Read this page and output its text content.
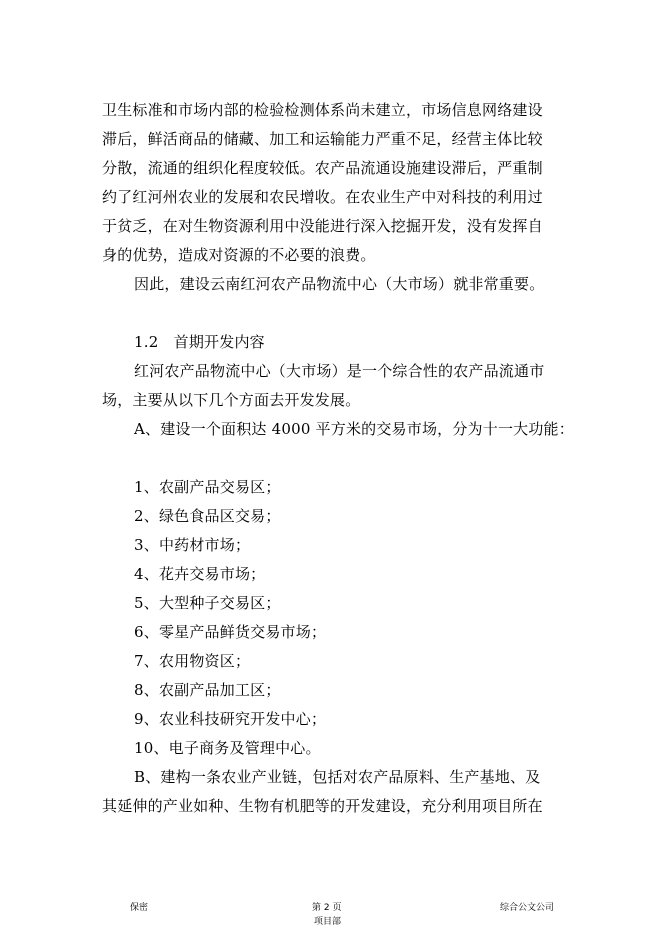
卫生标准和市场内部的检验检测体系尚未建立，市场信息网络建设
滞后，鲜活商品的储藏、加工和运输能力严重不足，经营主体比较
分散，流通的组织化程度较低。农产品流通设施建设滞后，严重制
约了红河州农业的发展和农民增收。在农业生产中对科技的利用过
于贫乏，在对生物资源利用中没能进行深入挖掘开发，没有发挥自
身的优势，造成对资源的不必要的浪费。
因此，建设云南红河农产品物流中心（大市场）就非常重要。
1.2　首期开发内容
红河农产品物流中心（大市场）是一个综合性的农产品流通市
场，主要从以下几个方面去开发发展。
A、建设一个面积达 4000 平方米的交易市场，分为十一大功能：
1、农副产品交易区；
2、绿色食品区交易；
3、中药材市场；
4、花卉交易市场；
5、大型种子交易区；
6、零星产品鲜货交易市场；
7、农用物资区；
8、农副产品加工区；
9、农业科技研究开发中心；
10、电子商务及管理中心。
B、建构一条农业产业链，包括对农产品原料、生产基地、及
其延伸的产业如种、生物有机肥等的开发建设，充分利用项目所在
保密	第 2 页	综合公文公司
项目部
